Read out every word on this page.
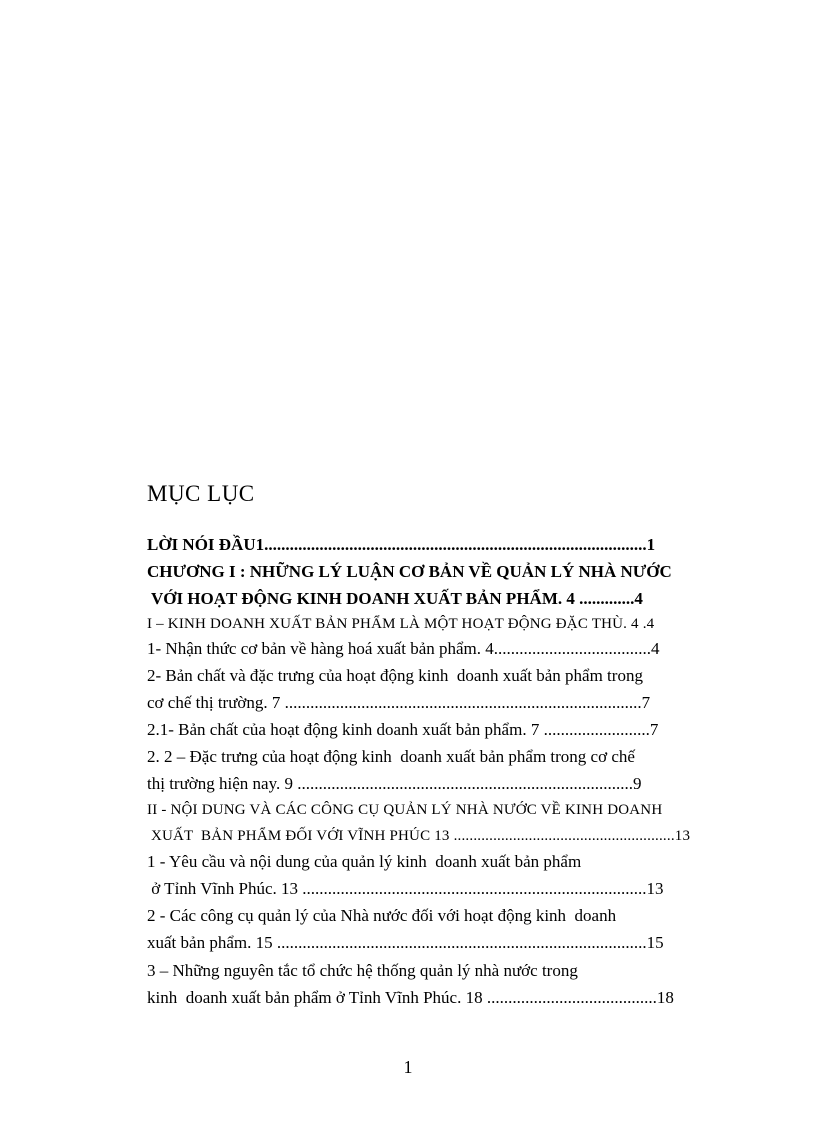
MỤC LỤC
LỜI NÓI ĐẦU1..........................................................................................1
CHƯƠNG I : NHỮNG LÝ LUẬN CƠ BẢN VỀ QUẢN LÝ NHÀ NƯỚC
VỚI HOẠT ĐỘNG KINH DOANH XUẤT BẢN PHẨM. 4 .............4
I – KINH DOANH XUẤT BẢN PHẨM LÀ MỘT HOẠT ĐỘNG ĐẶC THÙ. 4 .4
1- Nhận thức cơ bản về hàng hoá xuất bản phẩm. 4.....................................4
2- Bản chất và đặc trưng của hoạt động kinh  doanh xuất bản phẩm trong
cơ chế thị trường. 7 ....................................................................................7
2.1- Bản chất của hoạt động kinh doanh xuất bản phẩm. 7 .........................7
2. 2 – Đặc trưng của hoạt động kinh  doanh xuất bản phẩm trong cơ chế
thị trường hiện nay. 9 ...............................................................................9
II - NỘI DUNG VÀ CÁC CÔNG CỤ QUẢN LÝ NHÀ NƯỚC VỀ KINH DOANH
XUẤT  BẢN PHẨM ĐỐI VỚI VĨNH PHÚC 13 ........................................................13
1 - Yêu cầu và nội dung của quản lý kinh  doanh xuất bản phẩm
ở Tỉnh Vĩnh Phúc. 13 .................................................................................13
2 - Các công cụ quản lý của Nhà nước đối với hoạt động kinh  doanh
xuất bản phẩm. 15 .......................................................................................15
3 – Những nguyên tắc tổ chức hệ thống quản lý nhà nước trong
kinh  doanh xuất bản phẩm ở Tỉnh Vĩnh Phúc. 18 ........................................18
1
